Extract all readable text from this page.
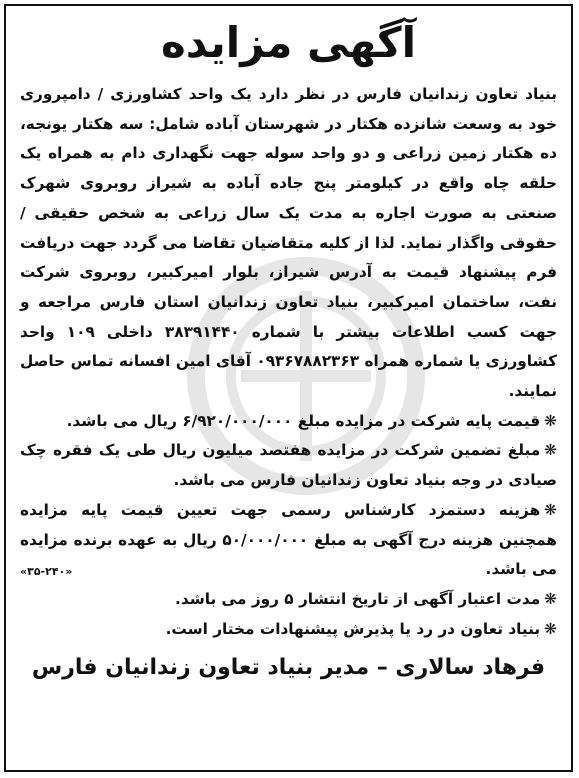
آگهی مزایده

بنیاد تعاون زندانیان فارس در نظر دارد یک واحد کشاورزی / دامپروری خود به وسعت شانزده هکتار در شهرستان آباده شامل: سه هکتار یونجه، ده هکتار زمین زراعی و دو واحد سوله جهت نگهداری دام به همراه یک حلقه چاه واقع در کیلومتر پنج جاده آباده به شیراز روبروی شهرک صنعتی به صورت اجاره به مدت یک سال زراعی به شخص حقیقی / حقوقی واگذار نماید. لذا از کلیه متقاضیان تقاضا می گردد جهت دریافت فرم پیشنهاد قیمت به آدرس شیراز، بلوار امیرکبیر، روبروی شرکت نفت، ساختمان امیرکبیر، بنیاد تعاون زندانیان استان فارس مراجعه و جهت کسب اطلاعات بیشتر با شماره ۳۸۳۹۱۴۴۰ داخلی ۱۰۹ واحد کشاورزی یا شماره همراه ۰۹۳۶۷۸۸۲۳۶۳ آقای امین افسانه تماس حاصل نمایند.

❋قیمت پایه شرکت در مزایده مبلغ ۶/۹۲۰/۰۰۰/۰۰۰ ریال می باشد.

❋مبلغ تضمین شرکت در مزایده هفتصد میلیون ریال طی یک فقره چک صیادی در وجه بنیاد تعاون زندانیان فارس می باشد.

❋هزینه دستمزد کارشناس رسمی جهت تعیین قیمت پایه مزایده همچنین هزینه درج آگهی به مبلغ ۵۰/۰۰۰/۰۰۰ ریال به عهده برنده مزایده می باشد.
«۳۵-۲۴۰»

❋مدت اعتبار آگهی از تاریخ انتشار ۵ روز می باشد.

❋بنیاد تعاون در رد یا پذیرش پیشنهادات مختار است.

فرهاد سالاری – مدیر بنیاد تعاون زندانیان فارس
